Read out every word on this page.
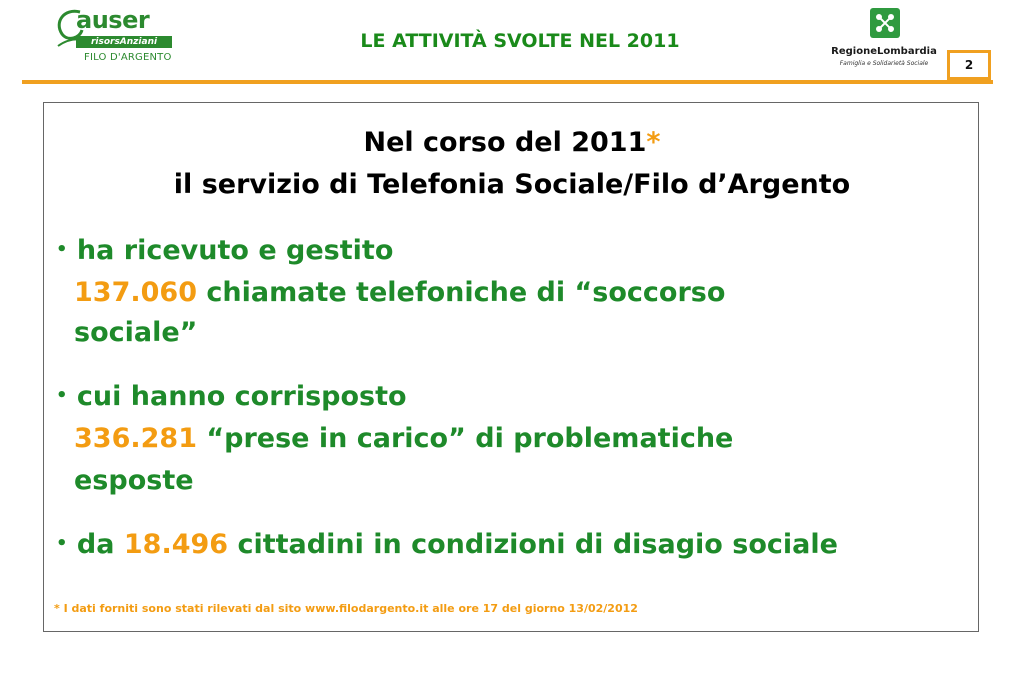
auser
risorsAnziani
FILO D'ARGENTO
LE ATTIVITÀ SVOLTE NEL 2011	RegioneLombardia
Famiglia e Solidarietà Sociale	2
Nel corso del 2011*
il servizio di Telefonia Sociale/Filo d’Argento
• ha ricevuto e gestito
137.060 chiamate telefoniche di “soccorso
sociale”
• cui hanno corrisposto
336.281 “prese in carico” di problematiche
esposte
• da 18.496 cittadini in condizioni di disagio sociale
* I dati forniti sono stati rilevati dal sito www.filodargento.it alle ore 17 del giorno 13/02/2012
